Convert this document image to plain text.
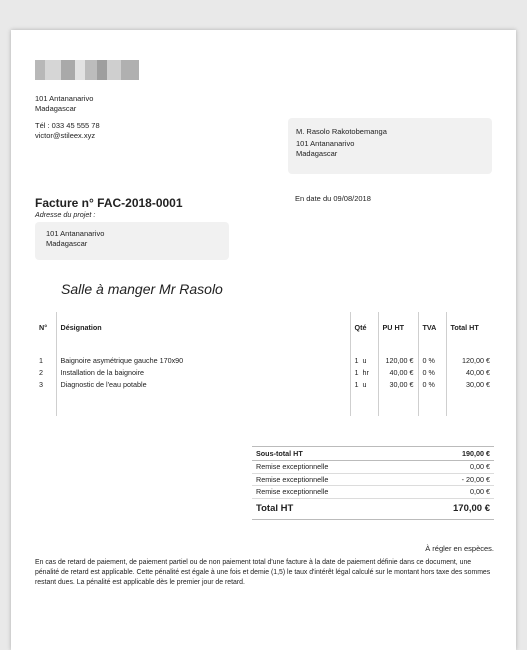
101 Antananarivo
Madagascar
Tél : 033 45 555 78
victor@stileex.xyz	M. Rasolo Rakotobemanga
101 Antananarivo
Madagascar
Facture n° FAC-2018-0001	En date du 09/08/2018
Adresse du projet :
101 Antananarivo
Madagascar
Salle à manger Mr Rasolo
N°	Désignation	Qté	PU HT	TVA	Total HT

1	Baignoire asymétrique gauche 170x90	1 u	120,00 €	0 %	120,00 €
2	Installation de la baignoire	1 hr	40,00 €	0 %	40,00 €
3	Diagnostic de l'eau potable	1 u	30,00 €	0 %	30,00 €

Sous-total HT	190,00 €
Remise exceptionnelle	0,00 €
Remise exceptionnelle	- 20,00 €
Remise exceptionnelle	0,00 €
Total HT	170,00 €
À régler en espèces.
En cas de retard de paiement, de paiement partiel ou de non paiement total d'une facture à la date de paiement définie dans ce document, une pénalité de retard est applicable. Cette pénalité est égale à une fois et demie (1,5) le taux d'intérêt légal calculé sur le montant hors taxe des sommes restant dues. La pénalité est applicable dès le premier jour de retard.
